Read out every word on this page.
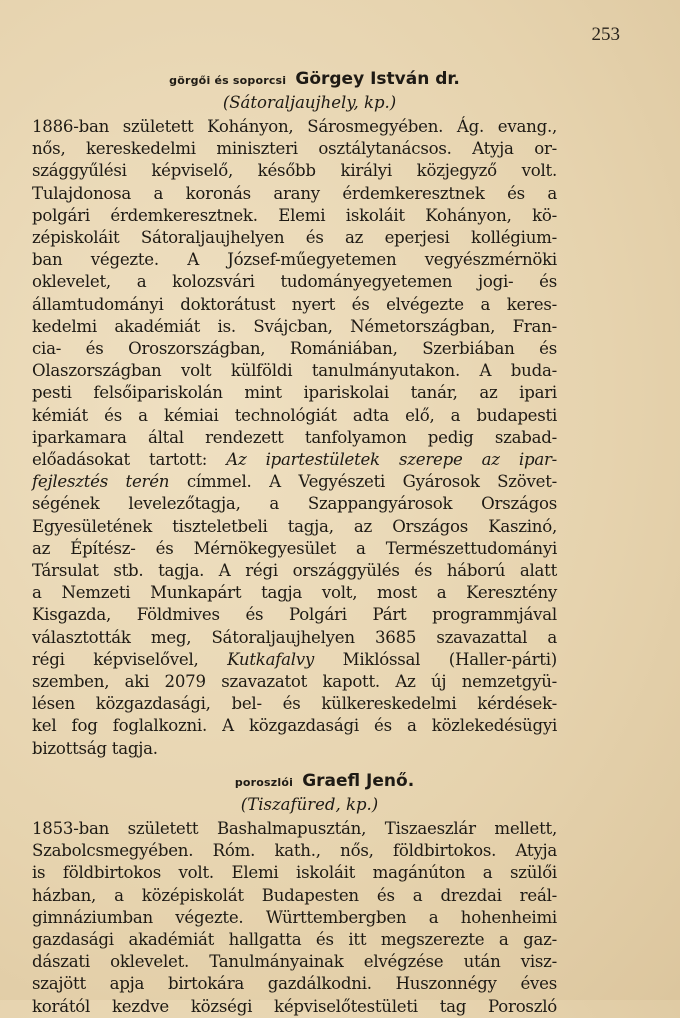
253
görgői és soporcsi Görgey István dr.
(Sátoraljaujhely, kp.)
1886-ban született Kohányon, Sárosmegyében. Ág. evang.,
nős, kereskedelmi miniszteri osztálytanácsos. Atyja or-
szággyűlési képviselő, később királyi közjegyző volt.
Tulajdonosa a koronás arany érdemkeresztnek és a
polgári érdemkeresztnek. Elemi iskoláit Kohányon, kö-
zépiskoláit Sátoraljaujhelyen és az eperjesi kollégium-
ban végezte. A József-műegyetemen vegyészmérnöki
oklevelet, a kolozsvári tudományegyetemen jogi- és
államtudományi doktorátust nyert és elvégezte a keres-
kedelmi akadémiát is. Svájcban, Németországban, Fran-
cia- és Oroszországban, Romániában, Szerbiában és
Olaszországban volt külföldi tanulmányutakon. A buda-
pesti felsőipariskolán mint ipariskolai tanár, az ipari
kémiát és a kémiai technológiát adta elő, a budapesti
iparkamara által rendezett tanfolyamon pedig szabad-
előadásokat tartott: Az ipartestületek szerepe az ipar-
fejlesztés terén címmel. A Vegyészeti Gyárosok Szövet-
ségének levelezőtagja, a Szappangyárosok Országos
Egyesületének tiszteletbeli tagja, az Országos Kaszinó,
az Építész- és Mérnökegyesület a Természettudományi
Társulat stb. tagja. A régi országgyülés és háború alatt
a Nemzeti Munkapárt tagja volt, most a Keresztény
Kisgazda, Földmives és Polgári Párt programmjával
választották meg, Sátoraljaujhelyen 3685 szavazattal a
régi képviselővel, Kutkafalvy Miklóssal (Haller-párti)
szemben, aki 2079 szavazatot kapott. Az új nemzetgyü-
lésen közgazdasági, bel- és külkereskedelmi kérdések-
kel fog foglalkozni. A közgazdasági és a közlekedésügyi
bizottság tagja.
poroszlói Graefl Jenő.
(Tiszafüred, kp.)
1853-ban született Bashalmapusztán, Tiszaeszlár mellett,
Szabolcsmegyében. Róm. kath., nős, földbirtokos. Atyja
is földbirtokos volt. Elemi iskoláit magánúton a szülői
házban, a középiskolát Budapesten és a drezdai reál-
gimnáziumban végezte. Württembergben a hohenheimi
gazdasági akadémiát hallgatta és itt megszerezte a gaz-
dászati oklevelet. Tanulmányainak elvégzése után visz-
szajött apja birtokára gazdálkodni. Huszonnégy éves
korától kezdve községi képviselőtestületi tag Poroszló
